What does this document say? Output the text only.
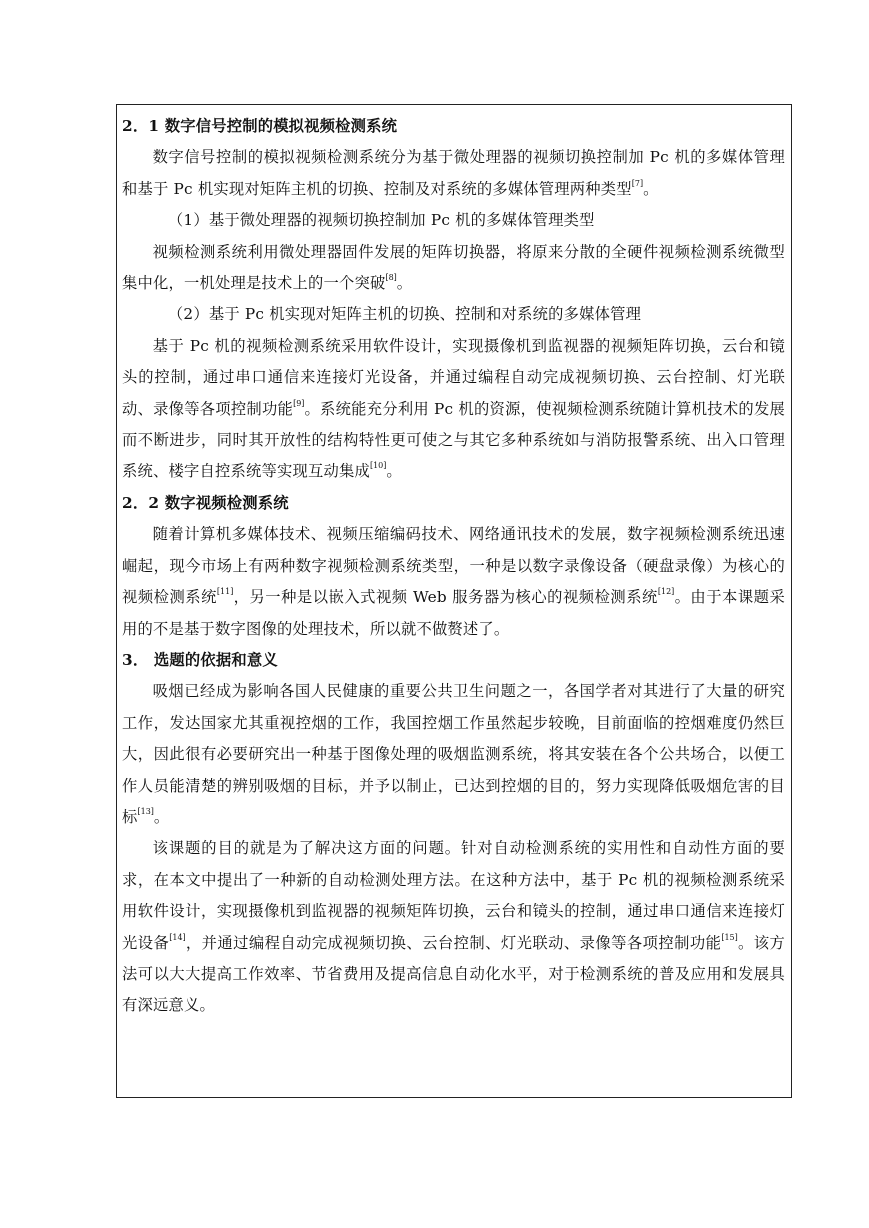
2．1 数字信号控制的模拟视频检测系统

数字信号控制的模拟视频检测系统分为基于微处理器的视频切换控制加 Pc 机的多媒体管理和基于 Pc 机实现对矩阵主机的切换、控制及对系统的多媒体管理两种类型[7]。

（1）基于微处理器的视频切换控制加 Pc 机的多媒体管理类型

视频检测系统利用微处理器固件发展的矩阵切换器，将原来分散的全硬件视频检测系统微型集中化，一机处理是技术上的一个突破[8]。

（2）基于 Pc 机实现对矩阵主机的切换、控制和对系统的多媒体管理

基于 Pc 机的视频检测系统采用软件设计，实现摄像机到监视器的视频矩阵切换，云台和镜头的控制，通过串口通信来连接灯光设备，并通过编程自动完成视频切换、云台控制、灯光联动、录像等各项控制功能[9]。系统能充分利用 Pc 机的资源，使视频检测系统随计算机技术的发展而不断进步，同时其开放性的结构特性更可使之与其它多种系统如与消防报警系统、出入口管理系统、楼字自控系统等实现互动集成[10]。

2．2 数字视频检测系统

随着计算机多媒体技术、视频压缩编码技术、网络通讯技术的发展，数字视频检测系统迅速崛起，现今市场上有两种数字视频检测系统类型，一种是以数字录像设备（硬盘录像）为核心的视频检测系统[11]，另一种是以嵌入式视频 Web 服务器为核心的视频检测系统[12]。由于本课题采用的不是基于数字图像的处理技术，所以就不做赘述了。

3． 选题的依据和意义

吸烟已经成为影响各国人民健康的重要公共卫生问题之一，各国学者对其进行了大量的研究工作，发达国家尤其重视控烟的工作，我国控烟工作虽然起步较晚，目前面临的控烟难度仍然巨大，因此很有必要研究出一种基于图像处理的吸烟监测系统，将其安装在各个公共场合，以便工作人员能清楚的辨别吸烟的目标，并予以制止，已达到控烟的目的，努力实现降低吸烟危害的目标[13]。

该课题的目的就是为了解决这方面的问题。针对自动检测系统的实用性和自动性方面的要求，在本文中提出了一种新的自动检测处理方法。在这种方法中，基于 Pc 机的视频检测系统采用软件设计，实现摄像机到监视器的视频矩阵切换，云台和镜头的控制，通过串口通信来连接灯光设备[14]，并通过编程自动完成视频切换、云台控制、灯光联动、录像等各项控制功能[15]。该方法可以大大提高工作效率、节省费用及提高信息自动化水平，对于检测系统的普及应用和发展具有深远意义。
